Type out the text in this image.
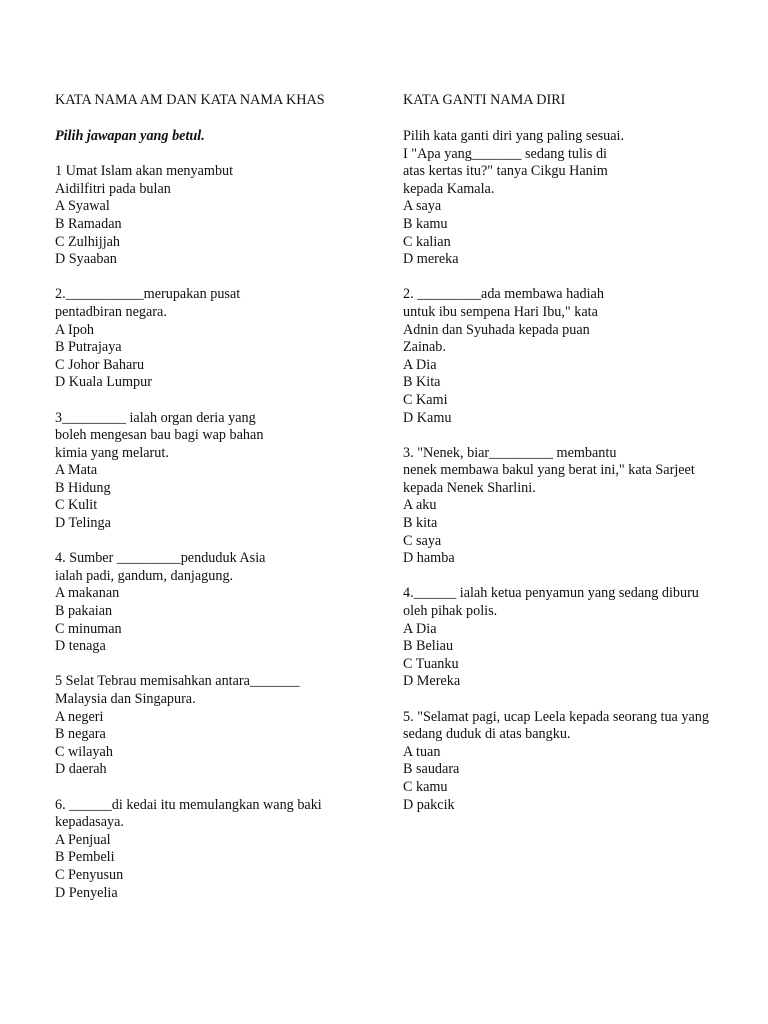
KATA NAMA AM DAN KATA NAMA KHAS
Pilih jawapan yang betul.
1 Umat Islam akan menyambut
Aidilfitri pada bulan
A Syawal
B Ramadan
C Zulhijjah
D Syaaban
2.___________merupakan pusat
pentadbiran negara.
A Ipoh
B Putrajaya
C Johor Baharu
D Kuala Lumpur
3_________ ialah organ deria yang
boleh mengesan bau bagi wap bahan
kimia yang melarut.
A Mata
B Hidung
C Kulit
D Telinga
4. Sumber _________penduduk Asia
ialah padi, gandum, danjagung.
A makanan
B pakaian
C minuman
D tenaga
5 Selat Tebrau memisahkan antara_______
Malaysia dan Singapura.
A negeri
B negara
C wilayah
D daerah
6. ______di kedai itu memulangkan wang baki
kepadasaya.
A Penjual
B Pembeli
C Penyusun
D Penyelia
KATA GANTI NAMA DIRI
Pilih kata ganti diri yang paling sesuai.
I "Apa yang_______ sedang tulis di
atas kertas itu?" tanya Cikgu Hanim
kepada Kamala.
A saya
B kamu
C kalian
D mereka
2. _________ada membawa hadiah
untuk ibu sempena Hari Ibu," kata
Adnin dan Syuhada kepada puan
Zainab.
A Dia
B Kita
C Kami
D Kamu
3. "Nenek, biar_________ membantu
nenek membawa bakul yang berat ini," kata Sarjeet
kepada Nenek Sharlini.
A aku
B kita
C saya
D hamba
4.______ ialah ketua penyamun yang sedang diburu
oleh pihak polis.
A Dia
B Beliau
C Tuanku
D Mereka
5. "Selamat pagi, ucap Leela kepada seorang tua yang
sedang duduk di atas bangku.
A tuan
B saudara
C kamu
D pakcik
